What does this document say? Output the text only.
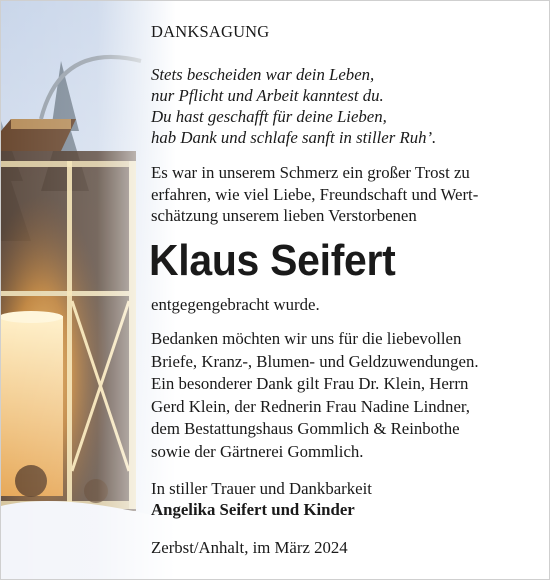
DANKSAGUNG
Stets bescheiden war dein Leben,
nur Pflicht und Arbeit kanntest du.
Du hast geschafft für deine Lieben,
hab Dank und schlafe sanft in stiller Ruh’.
Es war in unserem Schmerz ein großer Trost zu
erfahren, wie viel Liebe, Freundschaft und Wert-
schätzung unserem lieben Verstorbenen
Klaus Seifert
entgegengebracht wurde.
Bedanken möchten wir uns für die liebevollen
Briefe, Kranz-, Blumen- und Geldzuwendungen.
Ein besonderer Dank gilt Frau Dr. Klein, Herrn
Gerd Klein, der Rednerin Frau Nadine Lindner,
dem Bestattungshaus Gommlich & Reinbothe
sowie der Gärtnerei Gommlich.
In stiller Trauer und Dankbarkeit
Angelika Seifert und Kinder
Zerbst/Anhalt, im März 2024
